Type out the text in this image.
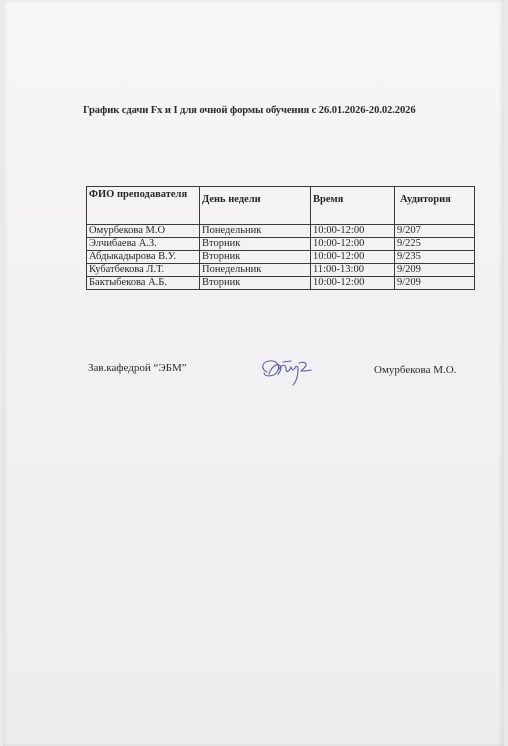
График сдачи Fx и I для очной формы обучения с 26.01.2026-20.02.2026
ФИО преподавателя	День недели	Время	Аудитория
Омурбекова М.О	Понедельник	10:00-12:00	9/207
Элчибаева А.З.	Вторник	10:00-12:00	9/225
Абдыкадырова В.У.	Вторник	10:00-12:00	9/235
Кубатбекова Л.Т.	Понедельник	11:00-13:00	9/209
Бактыбекова А.Б.	Вторник	10:00-12:00	9/209
Зав.кафедрой “ЭБМ”	Омурбекова М.О.
